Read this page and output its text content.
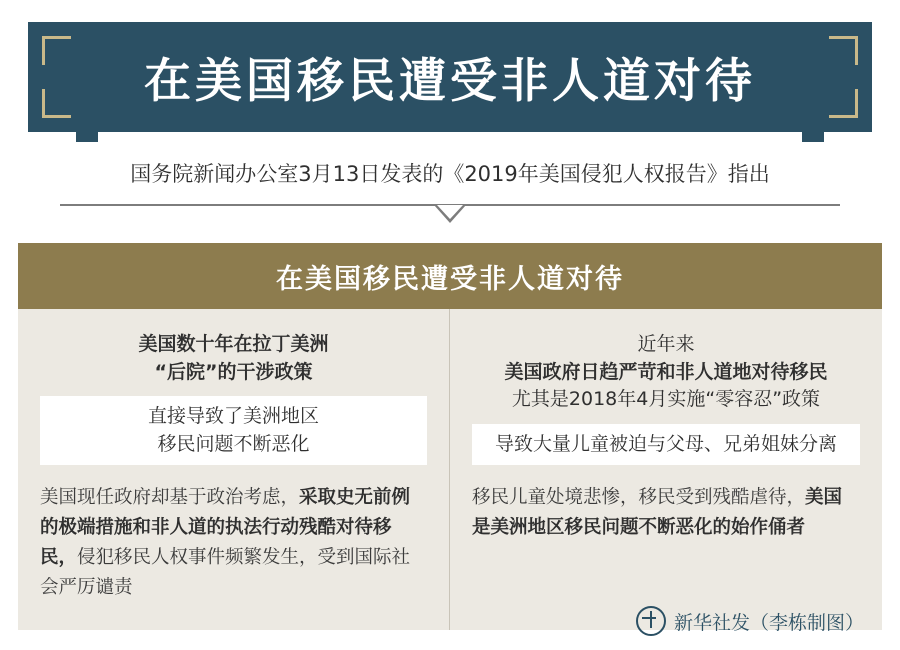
在美国移民遭受非人道对待
国务院新闻办公室3月13日发表的《2019年美国侵犯人权报告》指出
在美国移民遭受非人道对待
美国数十年在拉丁美洲
“后院”的干涉政策
直接导致了美洲地区
移民问题不断恶化
美国现任政府却基于政治考虑，采取史无前例的极端措施和非人道的执法行动残酷对待移民，侵犯移民人权事件频繁发生，受到国际社会严厉谴责
近年来
美国政府日趋严苛和非人道地对待移民
尤其是2018年4月实施“零容忍”政策
导致大量儿童被迫与父母、兄弟姐妹分离
移民儿童处境悲惨，移民受到残酷虐待，美国是美洲地区移民问题不断恶化的始作俑者
新华社发（李栋制图）
